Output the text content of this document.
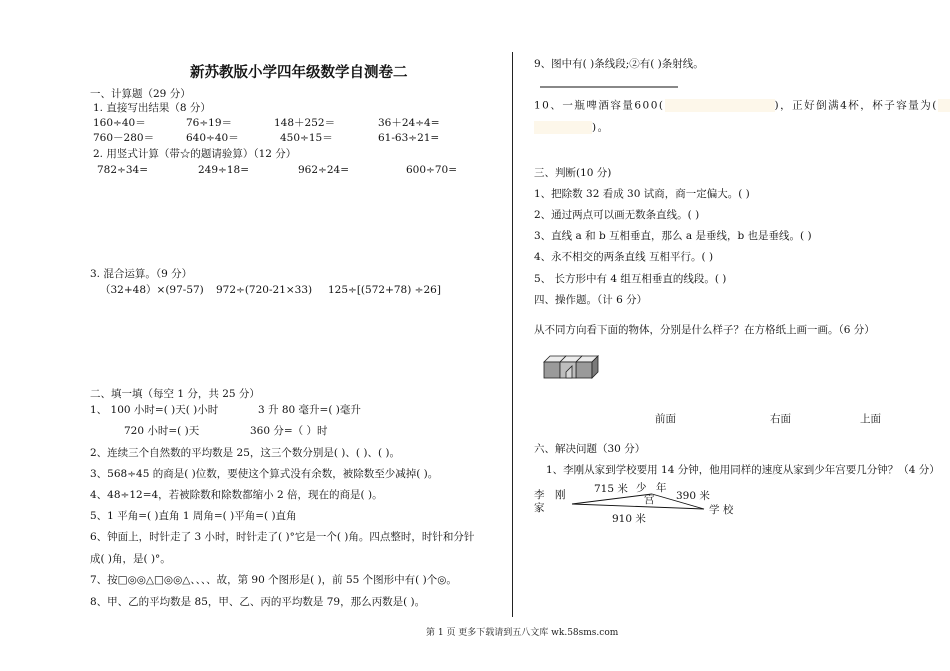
新苏教版小学四年级数学自测卷二
一、计算题（29 分）
1. 直接写出结果（8 分）
160÷40＝	76÷19＝	148＋252＝	36＋24÷4=
760－280＝	640÷40＝	450÷15＝	61-63÷21=
2. 用竖式计算（带☆的题请验算）（12 分）
782÷34=	249÷18=	962÷24=	600÷70=
3. 混合运算。（9 分）
（32+48）×(97-57) 972÷(720-21×33) 125÷[(572+78) ÷26]
二、填一填（每空 1 分，共 25 分）
1、 100 小时=( )天( )小时	3 升 80 毫升=( )毫升
720 小时=( )天	360 分=（ ）时
2、连续三个自然数的平均数是 25，这三个数分别是( )、( )、( )。
3、568÷45 的商是( )位数，要使这个算式没有余数，被除数至少减掉( )。
4、48÷12=4，若被除数和除数都缩小 2 倍，现在的商是( )。
5、1 平角=( )直角 1 周角=( )平角=( )直角
6、钟面上，时针走了 3 小时，时针走了( )°它是一个( )角。四点整时，时针和分针
成( )角，是( )°。
7、按□◎◎△□◎◎△、、、、故，第 90 个图形是( )，前 55 个图形中有( )个◎。
8、甲、乙的平均数是 85，甲、乙、丙的平均数是 79，那么丙数是( )。
9、图中有( )条线段;②有( )条射线。
10、一瓶啤酒容量600(	)，正好倒满4杯，杯子容量为(
)。
三、判断(10 分)
1、把除数 32 看成 30 试商，商一定偏大。( )
2、通过两点可以画无数条直线。( )
3、直线 a 和 b 互相垂直，那么 a 是垂线，b 也是垂线。( )
4、永不相交的两条直线 互相平行。( )
5、 长方形中有 4 组互相垂直的线段。( )
四、操作题。（计 6 分）
从不同方向看下面的物体，分别是什么样子？在方格纸上画一画。（6 分）
前面	右面	上面
六、解决问题（30 分）
1、李刚从家到学校要用 14 分钟，他用同样的速度从家到少年宫要几分钟？（4 分）
李 刚
家
715 米 少 年
宫 390 米
学 校
910 米
第 1 页 更多下载请到五八文库 wk.58sms.com
